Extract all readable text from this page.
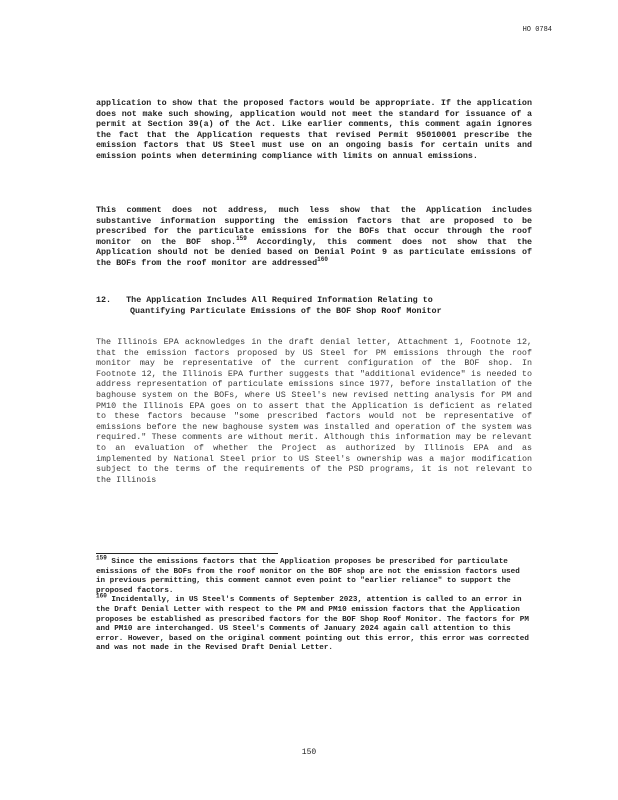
HO 0784
application to show that the proposed factors would be appropriate. If the application does not make such showing, application would not meet the standard for issuance of a permit at Section 39(a) of the Act. Like earlier comments, this comment again ignores the fact that the Application requests that revised Permit 95010001 prescribe the emission factors that US Steel must use on an ongoing basis for certain units and emission points when determining compliance with limits on annual emissions.
This comment does not address, much less show that the Application includes substantive information supporting the emission factors that are proposed to be prescribed for the particulate emissions for the BOFs that occur through the roof monitor on the BOF shop.$^{159}$ Accordingly, this comment does not show that the Application should not be denied based on Denial Point 9 as particulate emissions of the BOFs from the roof monitor are addressed$^{160}$
12. The Application Includes All Required Information Relating to
Quantifying Particulate Emissions of the BOF Shop Roof Monitor
The Illinois EPA acknowledges in the draft denial letter, Attachment 1, Footnote 12, that the emission factors proposed by US Steel for PM emissions through the roof monitor may be representative of the current configuration of the BOF shop. In Footnote 12, the Illinois EPA further suggests that "additional evidence" is needed to address representation of particulate emissions since 1977, before installation of the baghouse system on the BOFs, where US Steel's new revised netting analysis for PM and PM10 the Illinois EPA goes on to assert that the Application is deficient as related to these factors because "some prescribed factors would not be representative of emissions before the new baghouse system was installed and operation of the system was required." These comments are without merit. Although this information may be relevant to an evaluation of whether the Project as authorized by Illinois EPA and as implemented by National Steel prior to US Steel's ownership was a major modification subject to the terms of the requirements of the PSD programs, it is not relevant to the Illinois
$^{159}$ Since the emissions factors that the Application proposes be prescribed for particulate emissions of the BOFs from the roof monitor on the BOF shop are not the emission factors used in previous permitting, this comment cannot even point to "earlier reliance" to support the proposed factors.
$^{160}$ Incidentally, in US Steel's Comments of September 2023, attention is called to an error in the Draft Denial Letter with respect to the PM and PM10 emission factors that the Application proposes be established as prescribed factors for the BOF Shop Roof Monitor. The factors for PM and PM10 are interchanged. US Steel's Comments of January 2024 again call attention to this error. However, based on the original comment pointing out this error, this error was corrected and was not made in the Revised Draft Denial Letter.
150
